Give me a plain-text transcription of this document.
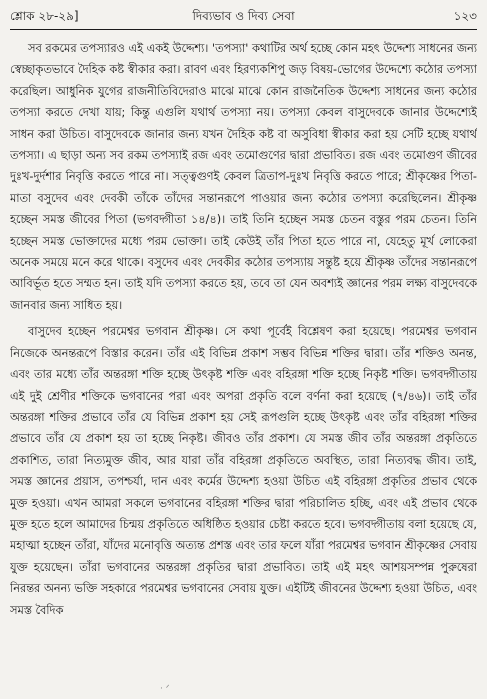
শ্লোক ২৮-২৯]	দিব্যভাব ও দিব্য সেবা	১২৩

সব রকমের তপস্যারও এই একই উদ্দেশ্য। 'তপস্যা' কথাটির অর্থ হচ্ছে কোন মহৎ উদ্দেশ্য সাধনের জন্য স্বেচ্ছাকৃতভাবে দৈহিক কষ্ট স্বীকার করা। রাবণ এবং হিরণ্যকশিপু জড় বিষয়-ভোগের উদ্দেশ্যে কঠোর তপস্যা করেছিল। আধুনিক যুগের রাজনীতিবিদেরাও মাঝে মাঝে কোন রাজনৈতিক উদ্দেশ্য সাধনের জন্য কঠোর তপস্যা করতে দেখা যায়; কিন্তু এগুলি যথার্থ তপস্যা নয়। তপস্যা কেবল বাসুদেবকে জানার উদ্দেশ্যেই সাধন করা উচিত। বাসুদেবকে জানার জন্য যখন দৈহিক কষ্ট বা অসুবিধা স্বীকার করা হয় সেটি হচ্ছে যথার্থ তপস্যা। এ ছাড়া অন্য সব রকম তপস্যাই রজ এবং তমোগুণের দ্বারা প্রভাবিত। রজ এবং তমোগুণ জীবের দুঃখ-দুর্দশার নিবৃত্তি করতে পারে না। সত্ত্বগুণই কেবল ত্রিতাপ-দুঃখ নিবৃত্তি করতে পারে; শ্রীকৃষ্ণের পিতা-মাতা বসুদেব এবং দেবকী তাঁকে তাঁদের সন্তানরূপে পাওয়ার জন্য কঠোর তপস্যা করেছিলেন। শ্রীকৃষ্ণ হচ্ছেন সমস্ত জীবের পিতা (ভগবদ্গীতা ১৪/৪)। তাই তিনি হচ্ছেন সমস্ত চেতন বস্তুর পরম চেতন। তিনি হচ্ছেন সমস্ত ভোক্তাদের মধ্যে পরম ভোক্তা। তাই কেউই তাঁর পিতা হতে পারে না, যেহেতু মূর্খ লোকেরা অনেক সময়ে মনে করে থাকে। বসুদেব এবং দেবকীর কঠোর তপস্যায় সন্তুষ্ট হয়ে শ্রীকৃষ্ণ তাঁদের সন্তানরূপে আবির্ভূত হতে সম্মত হন। তাই যদি তপস্যা করতে হয়, তবে তা যেন অবশ্যই জ্ঞানের পরম লক্ষ্য বাসুদেবকে জানবার জন্য সাধিত হয়।

বাসুদেব হচ্ছেন পরমেশ্বর ভগবান শ্রীকৃষ্ণ। সে কথা পূর্বেই বিশ্লেষণ করা হয়েছে। পরমেশ্বর ভগবান নিজেকে অনন্তরূপে বিস্তার করেন। তাঁর এই বিভিন্ন প্রকাশ সম্ভব বিভিন্ন শক্তির দ্বারা। তাঁর শক্তিও অনন্ত, এবং তার মধ্যে তাঁর অন্তরঙ্গা শক্তি হচ্ছে উৎকৃষ্ট শক্তি এবং বহিরঙ্গা শক্তি হচ্ছে নিকৃষ্ট শক্তি। ভগবদ্গীতায় এই দুই শ্রেণীর শক্তিকে ভগবানের পরা এবং অপরা প্রকৃতি বলে বর্ণনা করা হয়েছে (৭/৪৬)। তাই তাঁর অন্তরঙ্গা শক্তির প্রভাবে তাঁর যে বিভিন্ন প্রকাশ হয় সেই রূপগুলি হচ্ছে উৎকৃষ্ট এবং তাঁর বহিরঙ্গা শক্তির প্রভাবে তাঁর যে প্রকাশ হয় তা হচ্ছে নিকৃষ্ট। জীবও তাঁর প্রকাশ। যে সমস্ত জীব তাঁর অন্তরঙ্গা প্রকৃতিতে প্রকাশিত, তারা নিত্যমুক্ত জীব, আর যারা তাঁর বহিরঙ্গা প্রকৃতিতে অবস্থিত, তারা নিত্যবদ্ধ জীব। তাই, সমস্ত জ্ঞানের প্রয়াস, তপশ্চর্যা, দান এবং কর্মের উদ্দেশ্য হওয়া উচিত এই বহিরঙ্গা প্রকৃতির প্রভাব থেকে মুক্ত হওয়া। এখন আমরা সকলে ভগবানের বহিরঙ্গা শক্তির দ্বারা পরিচালিত হচ্ছি, এবং এই প্রভাব থেকে মুক্ত হতে হলে আমাদের চিন্ময় প্রকৃতিতে অধিষ্ঠিত হওয়ার চেষ্টা করতে হবে। ভগবদ্গীতায় বলা হয়েছে যে, মহাত্মা হচ্ছেন তাঁরা, যাঁদের মনোবৃত্তি অত্যন্ত প্রশস্ত এবং তার ফলে যাঁরা পরমেশ্বর ভগবান শ্রীকৃষ্ণের সেবায় যুক্ত হয়েছেন। তাঁরা ভগবানের অন্তরঙ্গা প্রকৃতির দ্বারা প্রভাবিত। তাই এই মহৎ আশয়সম্পন্ন পুরুষেরা নিরন্তর অনন্য ভক্তি সহকারে পরমেশ্বর ভগবানের সেবায় যুক্ত। এইটিই জীবনের উদ্দেশ্য হওয়া উচিত, এবং সমস্ত বৈদিক

· ᐟ
